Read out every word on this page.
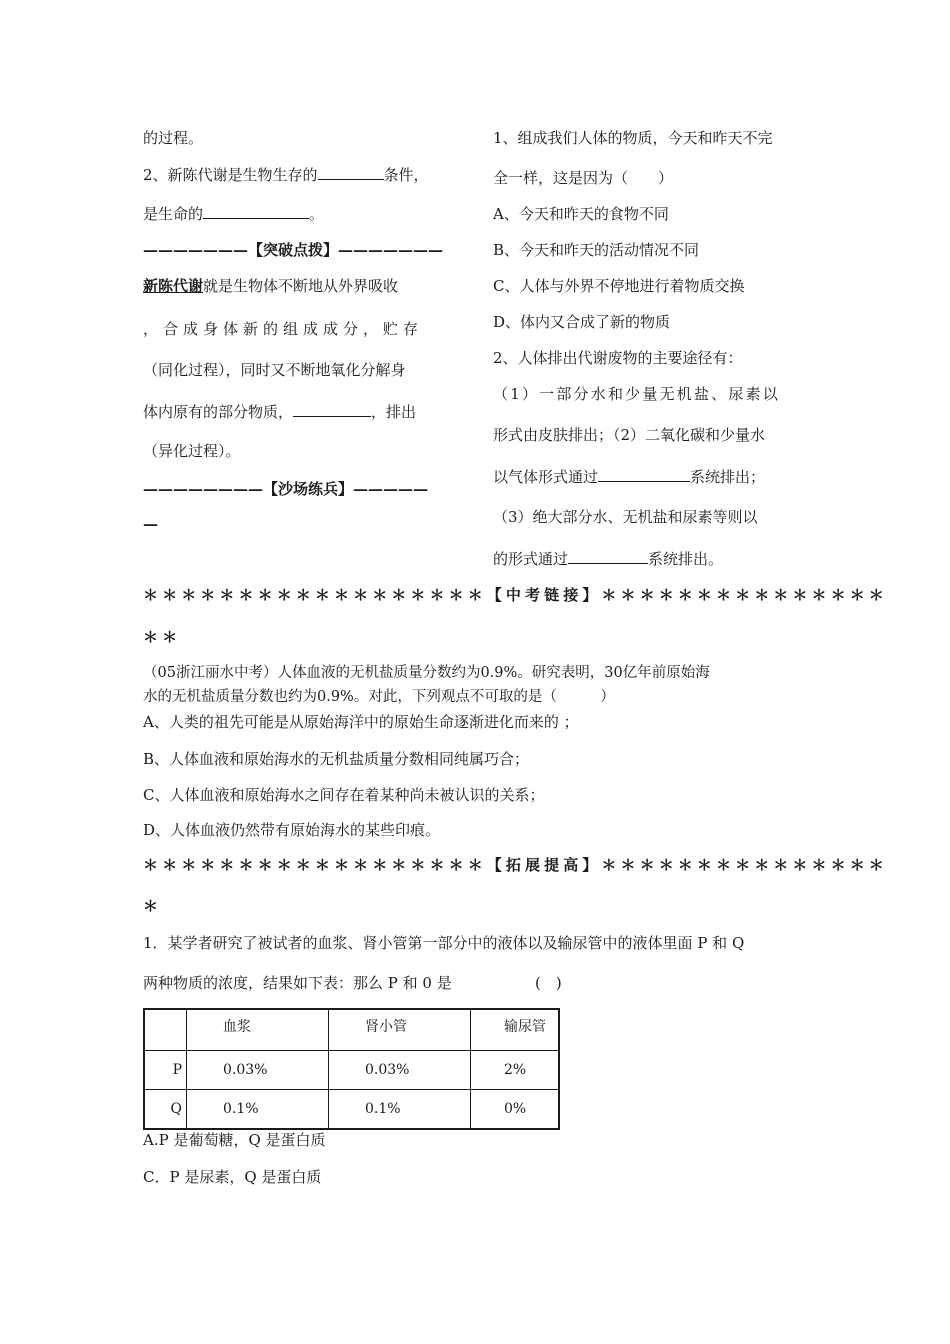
的过程。
2、新陈代谢是生物生存的	条件，
是生命的	。
———————【突破点拨】———————
新陈代谢就是生物体不断地从外界吸收
，合成身体新的组成成分，贮存
（同化过程），同时又不断地氧化分解身
体内原有的部分物质，	，排出
（异化过程）。
————————【沙场练兵】—————
—
1、组成我们人体的物质，今天和昨天不完
全一样，这是因为（　　）
A、今天和昨天的食物不同
B、今天和昨天的活动情况不同
C、人体与外界不停地进行着物质交换
D、体内又合成了新的物质
2、人体排出代谢废物的主要途径有：
（1）一部分水和少量无机盐、尿素以
形式由皮肤排出；（2）二氧化碳和少量水
以气体形式通过	系统排出；
（3）绝大部分水、无机盐和尿素等则以
的形式通过	系统排出。
＊＊＊＊＊＊＊＊＊＊＊＊＊＊＊＊＊＊【中考链接】＊＊＊＊＊＊＊＊＊＊＊＊＊＊＊
＊＊
（05浙江丽水中考）人体血液的无机盐质量分数约为0.9%。研究表明，30亿年前原始海
水的无机盐质量分数也约为0.9%。对此，下列观点不可取的是（　　　）
A、人类的祖先可能是从原始海洋中的原始生命逐渐进化而来的 ；
B、人体血液和原始海水的无机盐质量分数相同纯属巧合；
C、人体血液和原始海水之间存在着某种尚未被认识的关系；
D、人体血液仍然带有原始海水的某些印痕。
＊＊＊＊＊＊＊＊＊＊＊＊＊＊＊＊＊＊【拓展提高】＊＊＊＊＊＊＊＊＊＊＊＊＊＊＊
＊
1．某学者研究了被试者的血浆、肾小管第一部分中的液体以及输尿管中的液体里面 P 和 Q
两种物质的浓度，结果如下表：那么 P 和 0 是	(　)
	血浆	肾小管	输尿管
P	0.03%	0.03%	2%
Q	0.1%	0.1%	0%
A.P 是葡萄糖，Q 是蛋白质
C．P 是尿素，Q 是蛋白质
